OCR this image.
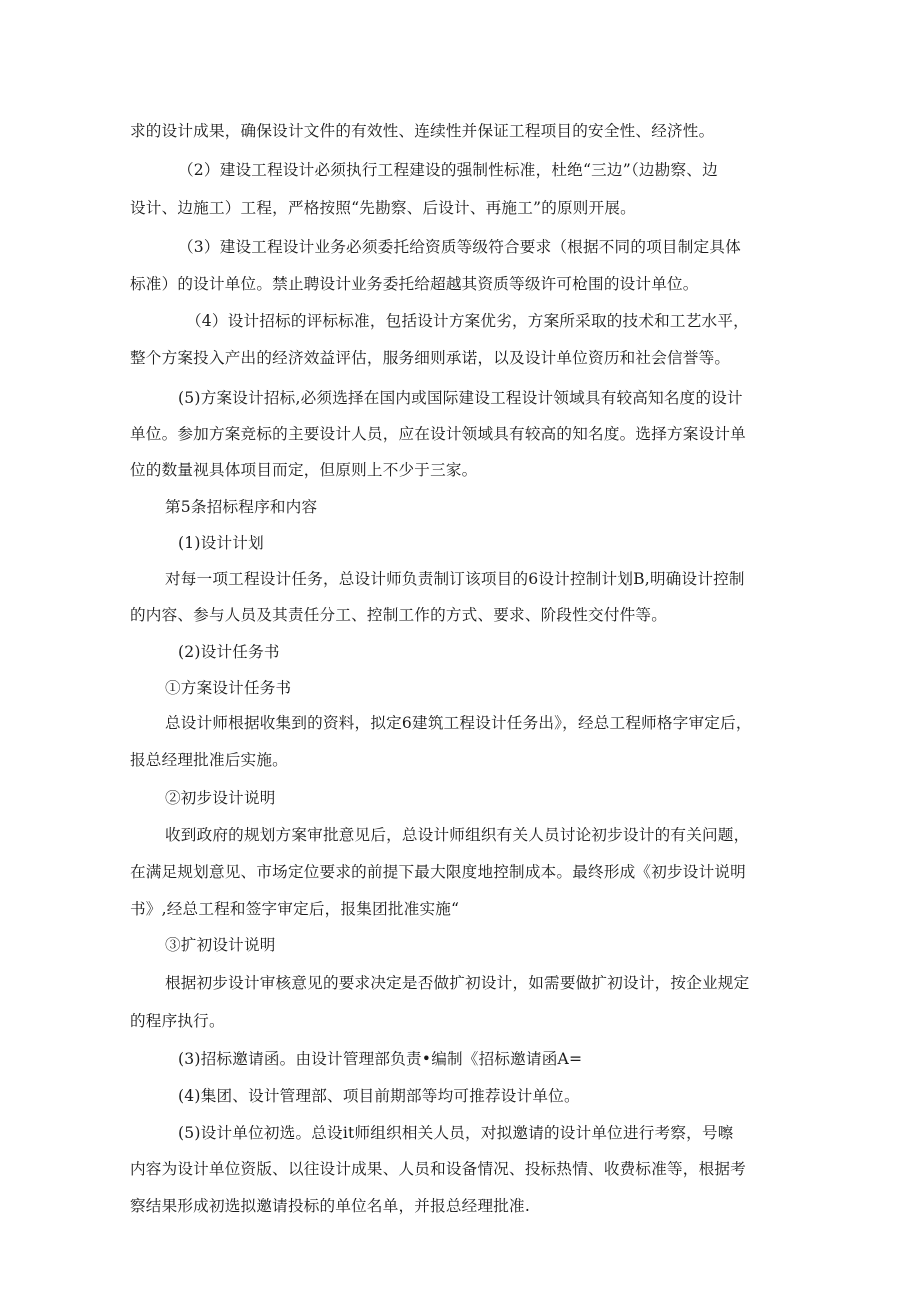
求的设计成果，确保设计文件的有效性、连续性并保证工程项目的安全性、经济性。
（2）建设工程设计必须执行工程建设的强制性标准，杜绝“三边”（边勘察、边
设计、边施工）工程，严格按照“先勘察、后设计、再施工”的原则开展。
（3）建设工程设计业务必须委托给资质等级符合要求（根据不同的项目制定具体
标准）的设计单位。禁止聘设计业务委托给超越其资质等级许可枪围的设计单位。
（4）设计招标的评标标准，包括设计方案优劣，方案所采取的技术和工艺水平，
整个方案投入产出的经济效益评估，服务细则承诺，以及设计单位资历和社会信誉等。
(5)方案设计招标,必须选择在国内或国际建设工程设计领域具有较高知名度的设计
单位。参加方案竞标的主要设计人员，应在设计领域具有较高的知名度。选择方案设计单
位的数量视具体项目而定，但原则上不少于三家。
第5条招标程序和内容
(1)设计计划
对每一项工程设计任务，总设计师负责制订该项目的6设计控制计划B,明确设计控制
的内容、参与人员及其责任分工、控制工作的方式、要求、阶段性交付件等。
(2)设计任务书
①方案设计任务书
总设计师根据收集到的资料，拟定6建筑工程设计任务出》，经总工程师格字审定后，
报总经理批准后实施。
②初步设计说明
收到政府的规划方案审批意见后，总设计师组织有关人员讨论初步设计的有关问题，
在满足规划意见、市场定位要求的前提下最大限度地控制成本。最终形成《初步设计说明
书》,经总工程和签字审定后，报集团批准实施“
③扩初设计说明
根据初步设计审核意见的要求决定是否做扩初设计，如需要做扩初设计，按企业规定
的程序执行。
(3)招标邀请函。由设计管理部负责•编制《招标邀请函A=
(4)集团、设计管理部、项目前期部等均可推荐设计单位。
(5)设计单位初选。总设it师组织相关人员，对拟邀请的设计单位进行考察，号嚓
内容为设计单位资版、以往设计成果、人员和设备情况、投标热情、收费标准等，根据考
察结果形成初选拟邀请投标的单位名单，并报总经理批准.
